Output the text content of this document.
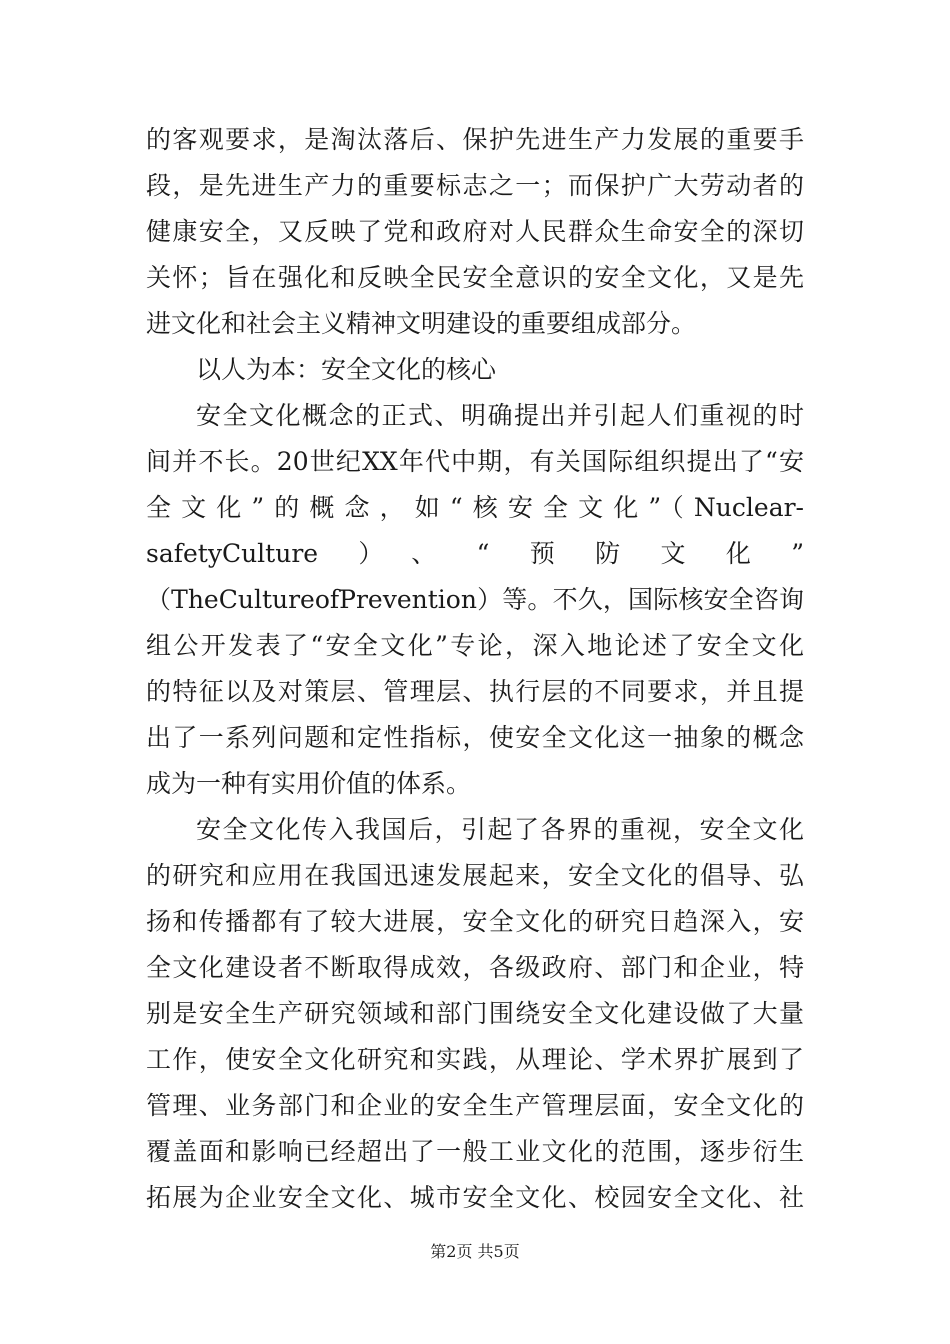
的客观要求，是淘汰落后、保护先进生产力发展的重要手
段，是先进生产力的重要标志之一；而保护广大劳动者的
健康安全，又反映了党和政府对人民群众生命安全的深切
关怀；旨在强化和反映全民安全意识的安全文化，又是先
进文化和社会主义精神文明建设的重要组成部分。
以人为本：安全文化的核心
安全文化概念的正式、明确提出并引起人们重视的时
间并不长。20世纪XX年代中期，有关国际组织提出了“安
全文化”的概念，如“核安全文化”（Nuclear-
safetyCulture）、“预防文化”
（TheCultureofPrevention）等。不久，国际核安全咨询
组公开发表了“安全文化”专论，深入地论述了安全文化
的特征以及对策层、管理层、执行层的不同要求，并且提
出了一系列问题和定性指标，使安全文化这一抽象的概念
成为一种有实用价值的体系。
安全文化传入我国后，引起了各界的重视，安全文化
的研究和应用在我国迅速发展起来，安全文化的倡导、弘
扬和传播都有了较大进展，安全文化的研究日趋深入，安
全文化建设者不断取得成效，各级政府、部门和企业，特
别是安全生产研究领域和部门围绕安全文化建设做了大量
工作，使安全文化研究和实践，从理论、学术界扩展到了
管理、业务部门和企业的安全生产管理层面，安全文化的
覆盖面和影响已经超出了一般工业文化的范围，逐步衍生
拓展为企业安全文化、城市安全文化、校园安全文化、社
第2页 共5页
